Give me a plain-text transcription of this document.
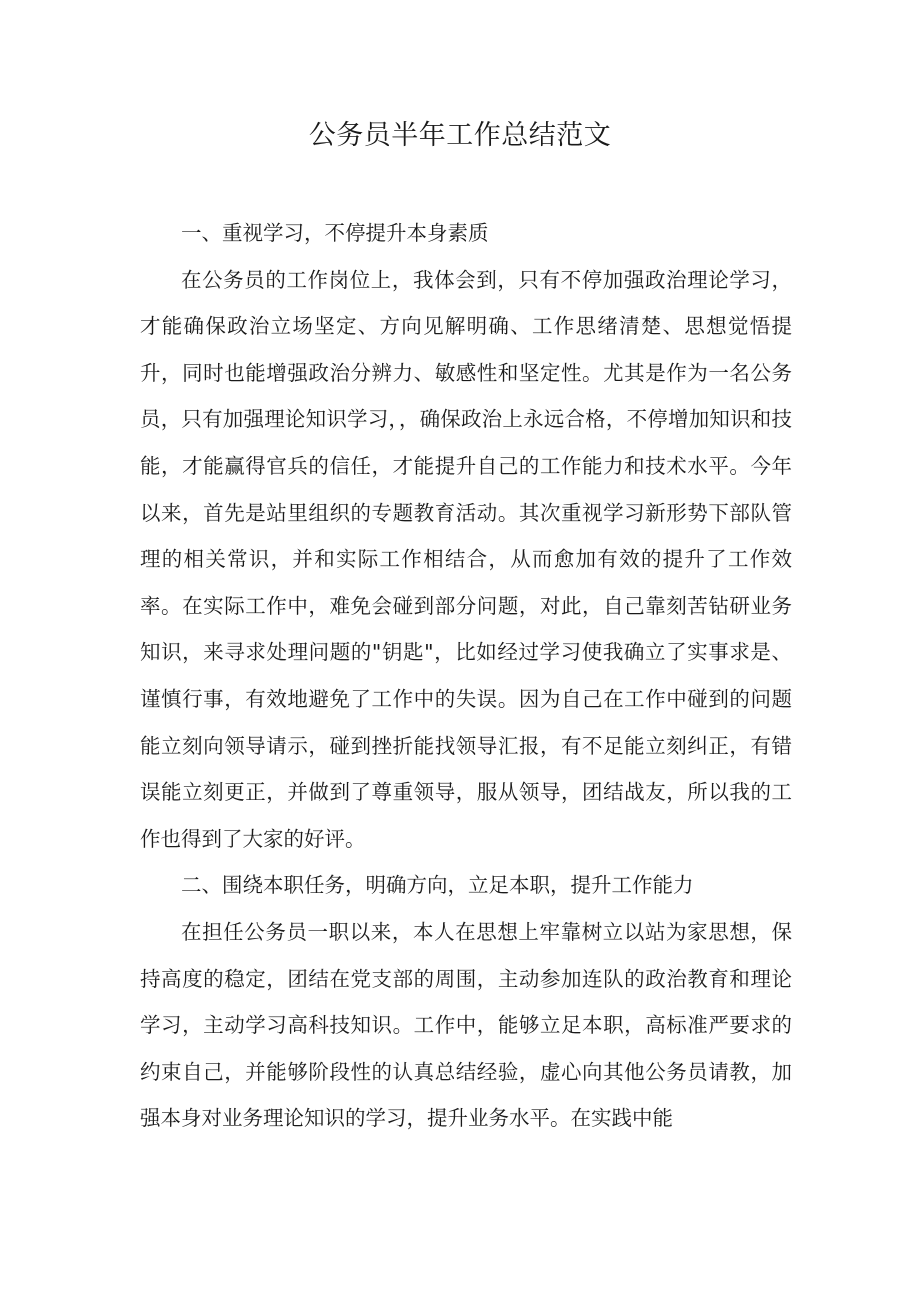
公务员半年工作总结范文

一、重视学习，不停提升本身素质

在公务员的工作岗位上，我体会到，只有不停加强政治理论学习，才能确保政治立场坚定、方向见解明确、工作思绪清楚、思想觉悟提升，同时也能增强政治分辨力、敏感性和坚定性。尤其是作为一名公务员，只有加强理论知识学习，，确保政治上永远合格，不停增加知识和技能，才能赢得官兵的信任，才能提升自己的工作能力和技术水平。今年以来，首先是站里组织的专题教育活动。其次重视学习新形势下部队管理的相关常识，并和实际工作相结合，从而愈加有效的提升了工作效率。在实际工作中，难免会碰到部分问题，对此，自己靠刻苦钻研业务知识，来寻求处理问题的"钥匙"，比如经过学习使我确立了实事求是、谨慎行事，有效地避免了工作中的失误。因为自己在工作中碰到的问题能立刻向领导请示，碰到挫折能找领导汇报，有不足能立刻纠正，有错误能立刻更正，并做到了尊重领导，服从领导，团结战友，所以我的工作也得到了大家的好评。

二、围绕本职任务，明确方向，立足本职，提升工作能力

在担任公务员一职以来，本人在思想上牢靠树立以站为家思想，保持高度的稳定，团结在党支部的周围，主动参加连队的政治教育和理论学习，主动学习高科技知识。工作中，能够立足本职，高标准严要求的约束自己，并能够阶段性的认真总结经验，虚心向其他公务员请教，加强本身对业务理论知识的学习，提升业务水平。在实践中能
